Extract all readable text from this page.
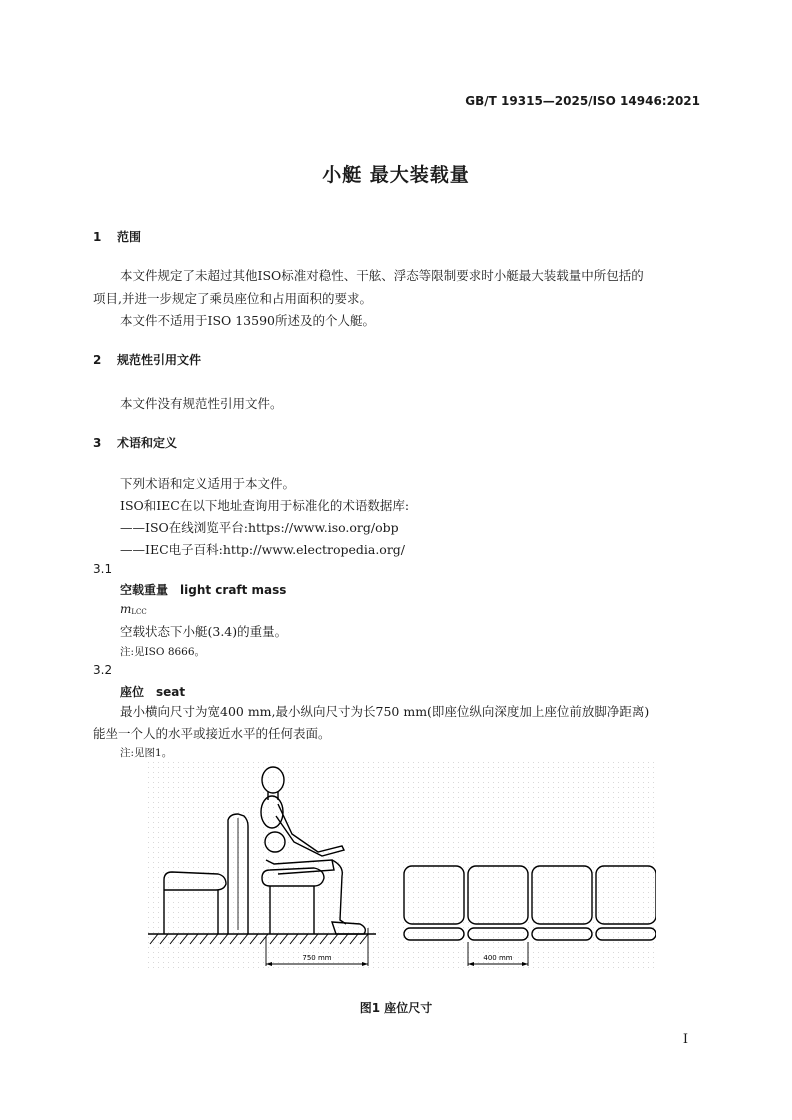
GB/T 19315—2025/ISO 14946:2021
小艇 最大装载量
1 范围
本文件规定了未超过其他ISO标准对稳性、干舷、浮态等限制要求时小艇最大装载量中所包括的
项目,并进一步规定了乘员座位和占用面积的要求。
本文件不适用于ISO 13590所述及的个人艇。
2 规范性引用文件
本文件没有规范性引用文件。
3 术语和定义
下列术语和定义适用于本文件。
ISO和IEC在以下地址查询用于标准化的术语数据库:
——ISO在线浏览平台:https://www.iso.org/obp
——IEC电子百科:http://www.electropedia.org/
3.1
空载重量 light craft mass
mLCC
空载状态下小艇(3.4)的重量。
注:见ISO 8666。
3.2
座位 seat
最小横向尺寸为宽400 mm,最小纵向尺寸为长750 mm(即座位纵向深度加上座位前放脚净距离)
能坐一个人的水平或接近水平的任何表面。
注:见图1。
750 mm	400 mm
图1 座位尺寸
I
